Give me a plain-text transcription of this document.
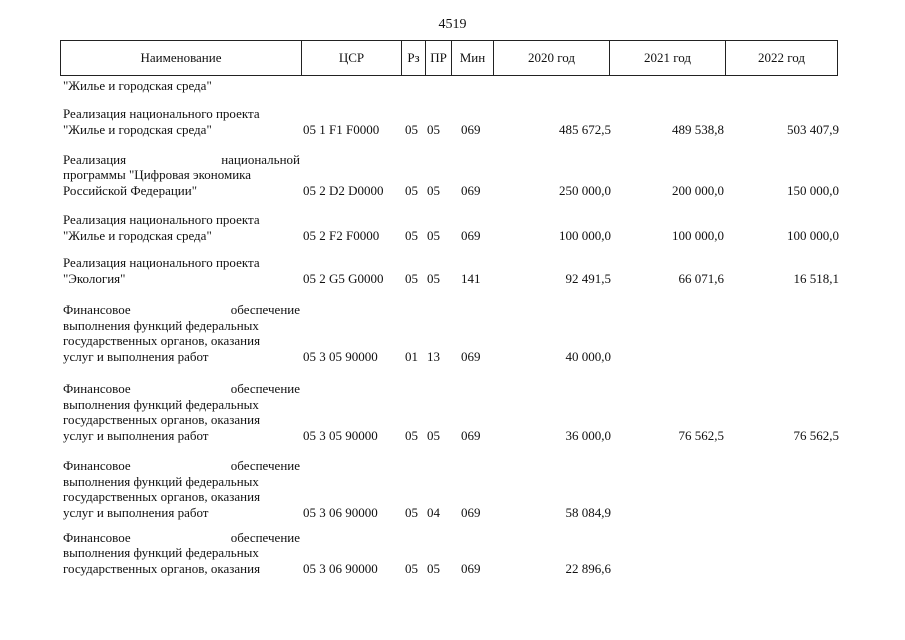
4519
Наименование	ЦСР	Рз ПР Мин	2020 год	2021 год	2022 год
"Жилье и городская среда"
Реализация национального проекта
"Жилье и городская среда"	05 1 F1 F0000 05 05 069	485 672,5	489 538,8	503 407,9
Реализация	национальной
программы "Цифровая экономика
Российской Федерации"	05 2 D2 D0000 05 05 069	250 000,0	200 000,0	150 000,0
Реализация национального проекта
"Жилье и городская среда"	05 2 F2 F0000 05 05 069	100 000,0	100 000,0	100 000,0
Реализация национального проекта
"Экология"	05 2 G5 G0000 05 05 141	92 491,5	66 071,6	16 518,1
Финансовое	обеспечение
выполнения функций федеральных
государственных органов, оказания
услуг и выполнения работ	05 3 05 90000 01 13 069	40 000,0
Финансовое	обеспечение
выполнения функций федеральных
государственных органов, оказания
услуг и выполнения работ	05 3 05 90000 05 05 069	36 000,0	76 562,5	76 562,5
Финансовое	обеспечение
выполнения функций федеральных
государственных органов, оказания
услуг и выполнения работ	05 3 06 90000 05 04 069	58 084,9
Финансовое	обеспечение
выполнения функций федеральных
государственных органов, оказания	05 3 06 90000 05 05 069	22 896,6
